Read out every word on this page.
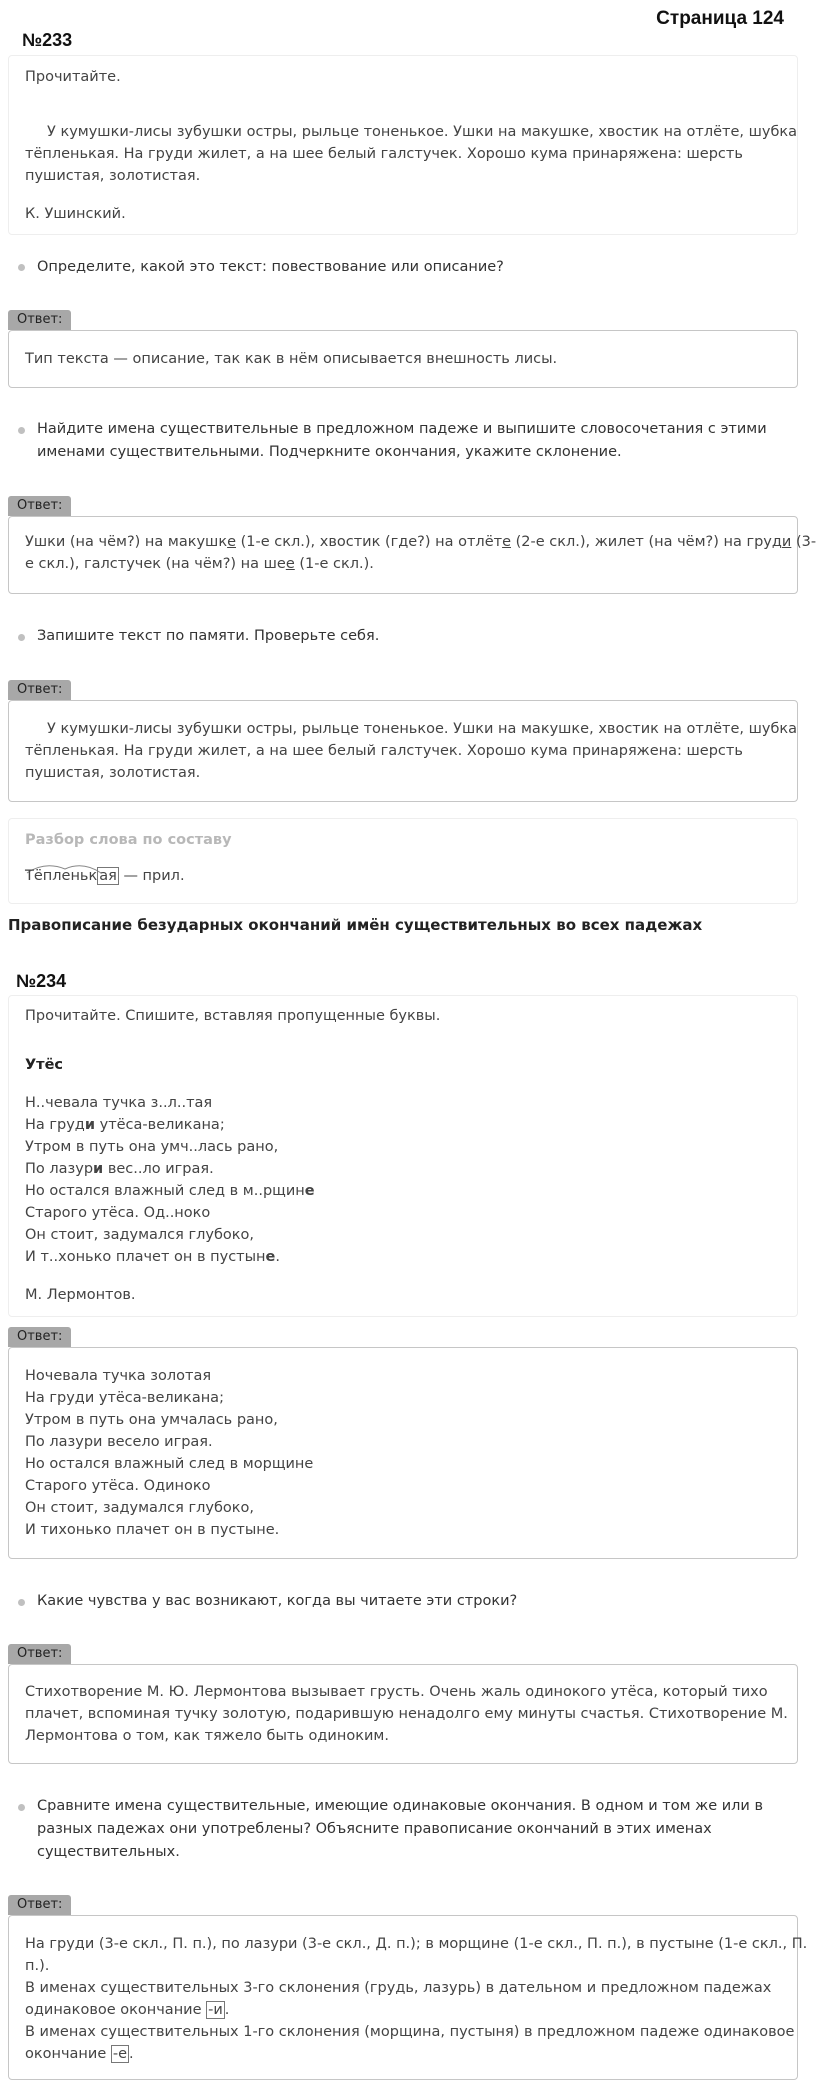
Страница 124
№233
Прочитайте.
У кумушки-лисы зубушки остры, рыльце тоненькое. Ушки на макушке, хвостик на отлёте, шубка
тёпленькая. На груди жилет, а на шее белый галстучек. Хорошо кума принаряжена: шерсть
пушистая, золотистая.
К. Ушинский.
Определите, какой это текст: повествование или описание?
Ответ:
Тип текста — описание, так как в нём описывается внешность лисы.
Найдите имена существительные в предложном падеже и выпишите словосочетания с этими
именами существительными. Подчеркните окончания, укажите склонение.
Ответ:
Ушки (на чём?) на макушке (1-е скл.), хвостик (где?) на отлёте (2-е скл.), жилет (на чём?) на груди (3-
е скл.), галстучек (на чём?) на шее (1-е скл.).
Запишите текст по памяти. Проверьте себя.
Ответ:
У кумушки-лисы зубушки остры, рыльце тоненькое. Ушки на макушке, хвостик на отлёте, шубка
тёпленькая. На груди жилет, а на шее белый галстучек. Хорошо кума принаряжена: шерсть
пушистая, золотистая.
Разбор слова по составу
Тёпленьк ая — прил.
Правописание безударных окончаний имён существительных во всех падежах
№234
Прочитайте. Спишите, вставляя пропущенные буквы.
Утёс
Н..чевала тучка з..л..тая
На груди утёса-великана;
Утром в путь она умч..лась рано,
По лазури вес..ло играя.
Но остался влажный след в м..рщине
Старого утёса. Од..ноко
Он стоит, задумался глубоко,
И т..хонько плачет он в пустыне.
М. Лермонтов.
Ответ:
Ночевала тучка золотая
На груди утёса-великана;
Утром в путь она умчалась рано,
По лазури весело играя.
Но остался влажный след в морщине
Старого утёса. Одиноко
Он стоит, задумался глубоко,
И тихонько плачет он в пустыне.
Какие чувства у вас возникают, когда вы читаете эти строки?
Ответ:
Стихотворение М. Ю. Лермонтова вызывает грусть. Очень жаль одинокого утёса, который тихо
плачет, вспоминая тучку золотую, подарившую ненадолго ему минуты счастья. Стихотворение М.
Лермонтова о том, как тяжело быть одиноким.
Сравните имена существительные, имеющие одинаковые окончания. В одном и том же или в
разных падежах они употреблены? Объясните правописание окончаний в этих именах
существительных.
Ответ:
На груди (3-е скл., П. п.), по лазури (3-е скл., Д. п.); в морщине (1-е скл., П. п.), в пустыне (1-е скл., П.
п.).
В именах существительных 3-го склонения (грудь, лазурь) в дательном и предложном падежах
одинаковое окончание -и .
В именах существительных 1-го склонения (морщина, пустыня) в предложном падеже одинаковое
окончание -е .
